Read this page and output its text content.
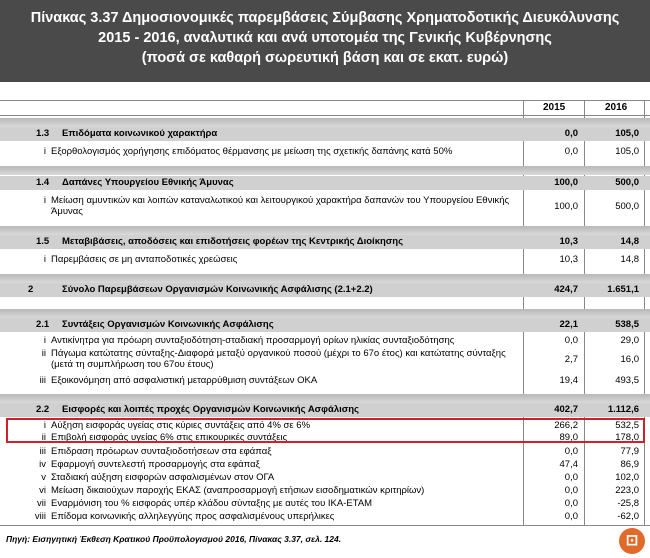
Πίνακας 3.37 Δημοσιονομικές παρεμβάσεις Σύμβασης Χρηματοδοτικής Διευκόλυνσης
2015 - 2016, αναλυτικά και ανά υποτομέα της Γενικής Κυβέρνησης
(ποσά σε καθαρή σωρευτική βάση και σε εκατ. ευρώ)
2015	2016
1.3 Επιδόματα κοινωνικού χαρακτήρα	0,0	105,0
i Εξορθολογισμός χορήγησης επιδόματος θέρμανσης με μείωση της σχετικής δαπάνης κατά 50%	0,0	105,0
1.4 Δαπάνες Υπουργείου Εθνικής Άμυνας	100,0	500,0
i Μείωση αμυντικών και λοιπών καταναλωτικού και λειτουργικού χαρακτήρα δαπανών του Υπουργείου Εθνικής Άμυνας	100,0	500,0
1.5 Μεταβιβάσεις, αποδόσεις και επιδοτήσεις φορέων της Κεντρικής Διοίκησης	10,3	14,8
i Παρεμβάσεις σε μη ανταποδοτικές χρεώσεις	10,3	14,8
2	Σύνολο Παρεμβάσεων Οργανισμών Κοινωνικής Ασφάλισης (2.1+2.2)	424,7	1.651,1
2.1 Συντάξεις Οργανισμών Κοινωνικής Ασφάλισης	22,1	538,5
i Αντικίνητρα για πρόωρη συνταξιοδότηση-σταδιακή προσαρμογή ορίων ηλικίας συνταξιοδότησης	0,0	29,0
ii Πάγωμα κατώτατης σύνταξης-Διαφορά μεταξύ οργανικού ποσού (μέχρι το 67ο έτος) και κατώτατης σύνταξης (μετά τη συμπλήρωση του 67ου έτους)	2,7	16,0
iii Εξοικονόμηση από ασφαλιστική μεταρρύθμιση συντάξεων ΟΚΑ	19,4	493,5
2.2 Εισφορές και λοιπές προχές Οργανισμών Κοινωνικής Ασφάλισης	402,7	1.112,6
i Αύξηση εισφοράς υγείας στις κύριες συντάξεις από 4% σε 6%	266,2	532,5
ii Επιβολή εισφοράς υγείας 6% στις επικουρικές συντάξεις	89,0	178,0
iii Επιδραση πρόωρων συνταξιοδοτήσεων στα εφάπαξ	0,0	77,9
iv Εφαρμογή συντελεστή προσαρμογής στα εφάπαξ	47,4	86,9
v Σταδιακή αύξηση εισφορών ασφαλισμένων στον ΟΓΑ	0,0	102,0
vi Μείωση δικαιούχων παροχής ΕΚΑΣ (αναπροσαρμογή ετήσιων εισοδηματικών κριτηρίων)	0,0	223,0
vii Εναρμόνιση του % εισφοράς υπέρ κλάδου σύνταξης με αυτές του ΙΚΑ-ΕΤΑΜ	0,0	-25,8
viii Επίδομα κοινωνικής αλληλεγγύης προς ασφαλισμένους υπερήλικες	0,0	-62,0
Πηγή: Εισηγητική Έκθεση Κρατικού Προϋπολογισμού 2016, Πίνακας 3.37, σελ. 124.	⊡
